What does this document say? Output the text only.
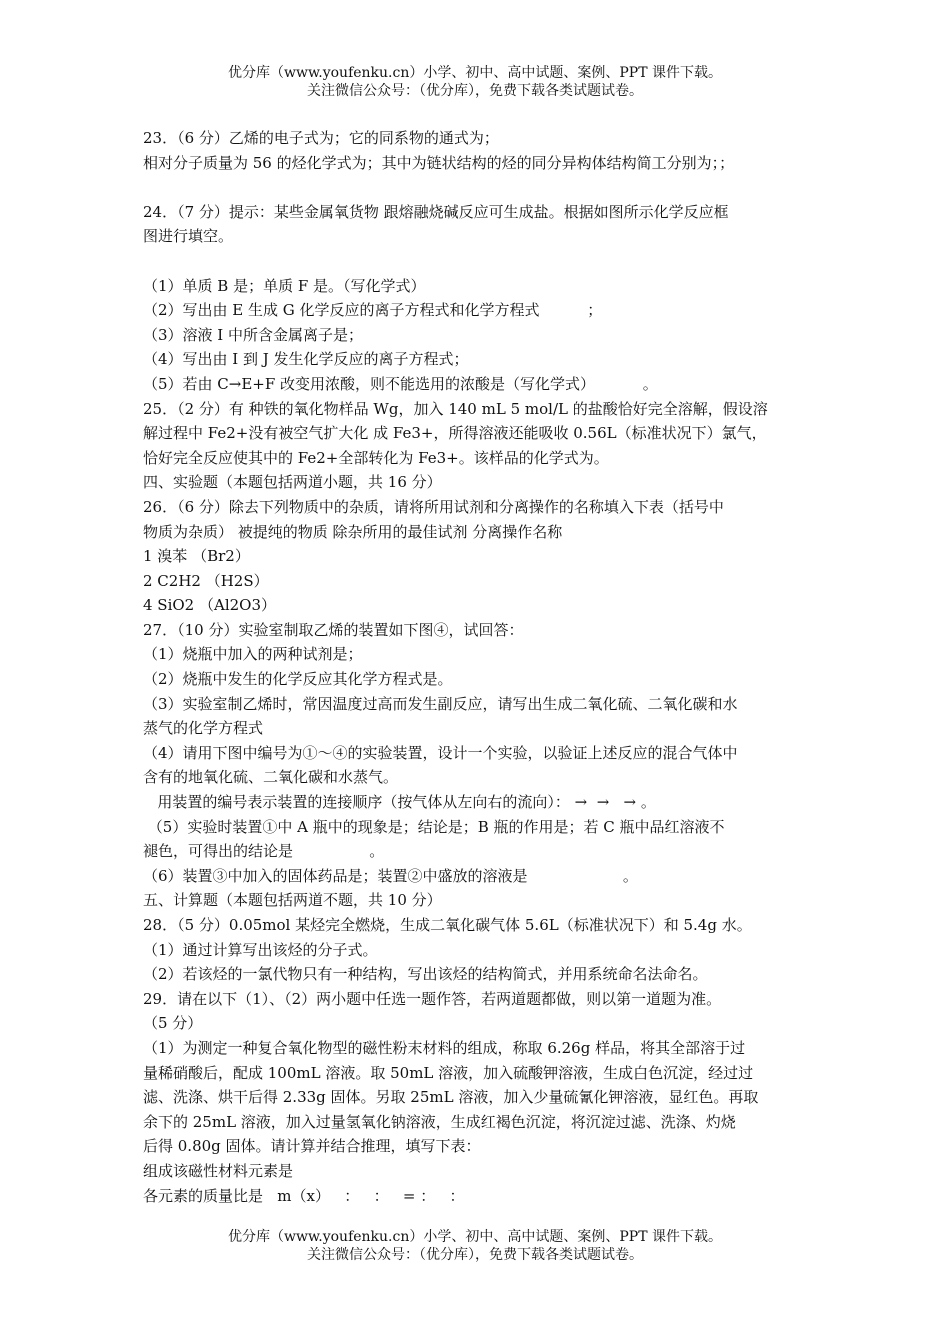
优分库（www.youfenku.cn）小学、初中、高中试题、案例、PPT 课件下载。
关注微信公众号：（优分库），免费下载各类试题试卷。

23．（6 分）乙烯的电子式为；它的同系物的通式为；

相对分子质量为 56 的烃化学式为；其中为链状结构的烃的同分异构体结构简工分别为；；

24．（7 分）提示：某些金属氧货物 跟熔融烧碱反应可生成盐。根据如图所示化学反应框

图进行填空。

（1）单质 B 是；单质 F 是。（写化学式）

（2）写出由 E 生成 G 化学反应的离子方程式和化学方程式          ；

（3）溶液 I 中所含金属离子是；

（4）写出由 I 到 J 发生化学反应的离子方程式；

（5）若由 C→E+F 改变用浓酸，则不能选用的浓酸是（写化学式）          。

25．（2 分）有 种铁的氧化物样品 Wg，加入 140 mL 5 mol/L 的盐酸恰好完全溶解，假设溶

解过程中 Fe2+没有被空气扩大化 成 Fe3+，所得溶液还能吸收 0.56L（标准状况下）氯气，

恰好完全反应使其中的 Fe2+全部转化为 Fe3+。该样品的化学式为。

四、实验题（本题包括两道小题，共 16 分）

26．（6 分）除去下列物质中的杂质，请将所用试剂和分离操作的名称填入下表（括号中

物质为杂质） 被提纯的物质 除杂所用的最佳试剂 分离操作名称

1 溴苯 （Br2）

2 C2H2 （H2S）

4 SiO2 （Al2O3）

27．（10 分）实验室制取乙烯的装置如下图④，试回答：

（1）烧瓶中加入的两种试剂是；

（2）烧瓶中发生的化学反应其化学方程式是。

（3）实验室制乙烯时，常因温度过高而发生副反应，请写出生成二氧化硫、二氧化碳和水

蒸气的化学方程式

（4）请用下图中编号为①～④的实验装置，设计一个实验，以验证上述反应的混合气体中

含有的地氧化硫、二氧化碳和水蒸气。

用装置的编号表示装置的连接顺序（按气体从左向右的流向）： →  →   → 。

（5）实验时装置①中 A 瓶中的现象是；结论是；B 瓶的作用是；若 C 瓶中品红溶液不

褪色，可得出的结论是                。

（6）装置③中加入的固体药品是；装置②中盛放的溶液是                    。

五、计算题（本题包括两道不题，共 10 分）

28．（5 分）0.05mol 某烃完全燃烧，生成二氧化碳气体 5.6L（标准状况下）和 5.4g 水。

（1）通过计算写出该烃的分子式。

（2）若该烃的一氯代物只有一种结构，写出该烃的结构简式，并用系统命名法命名。

29．请在以下（1）、（2）两小题中任选一题作答，若两道题都做，则以第一道题为准。

（5 分）

（1）为测定一种复合氧化物型的磁性粉末材料的组成，称取 6.26g 样品，将其全部溶于过

量稀硝酸后，配成 100mL 溶液。取 50mL 溶液，加入硫酸钾溶液，生成白色沉淀，经过过

滤、洗涤、烘干后得 2.33g 固体。另取 25mL 溶液，加入少量硫氰化钾溶液，显红色。再取

余下的 25mL 溶液，加入过量氢氧化钠溶液，生成红褐色沉淀，将沉淀过滤、洗涤、灼烧

后得 0.80g 固体。请计算并结合推理，填写下表：

组成该磁性材料元素是

各元素的质量比是   m（x）   ：   ：   = ：   ：

优分库（www.youfenku.cn）小学、初中、高中试题、案例、PPT 课件下载。
关注微信公众号：（优分库），免费下载各类试题试卷。
